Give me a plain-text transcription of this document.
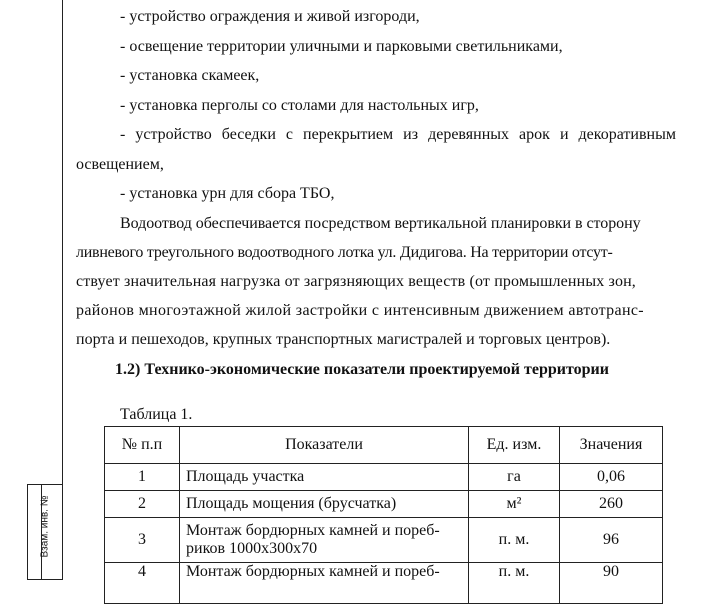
Взам. инв. №
- устройство ограждения и живой изгороди,
- освещение территории уличными и парковыми светильниками,
- установка скамеек,
- установка перголы со столами для настольных игр,
- устройство беседки с перекрытием из деревянных арок и декоративным
освещением,
- установка урн для сбора ТБО,
Водоотвод обеспечивается посредством вертикальной планировки в сторону
ливневого треугольного водоотводного лотка ул. Дидигова. На территории отсут-
ствует значительная нагрузка от загрязняющих веществ (от промышленных зон,
районов многоэтажной жилой застройки с интенсивным движением автотранс-
порта и пешеходов, крупных транспортных магистралей и торговых центров).
1.2) Технико-экономические показатели проектируемой территории
Таблица 1.
№ п.п	Показатели	Ед. изм.	Значения
1	Площадь участка	га	0,06
2	Площадь мощения (брусчатка)	м²	260
3	Монтаж бордюрных камней и пореб-
риков 1000х300х70	п. м.	96
4	Монтаж бордюрных камней и пореб-	п. м.	90
